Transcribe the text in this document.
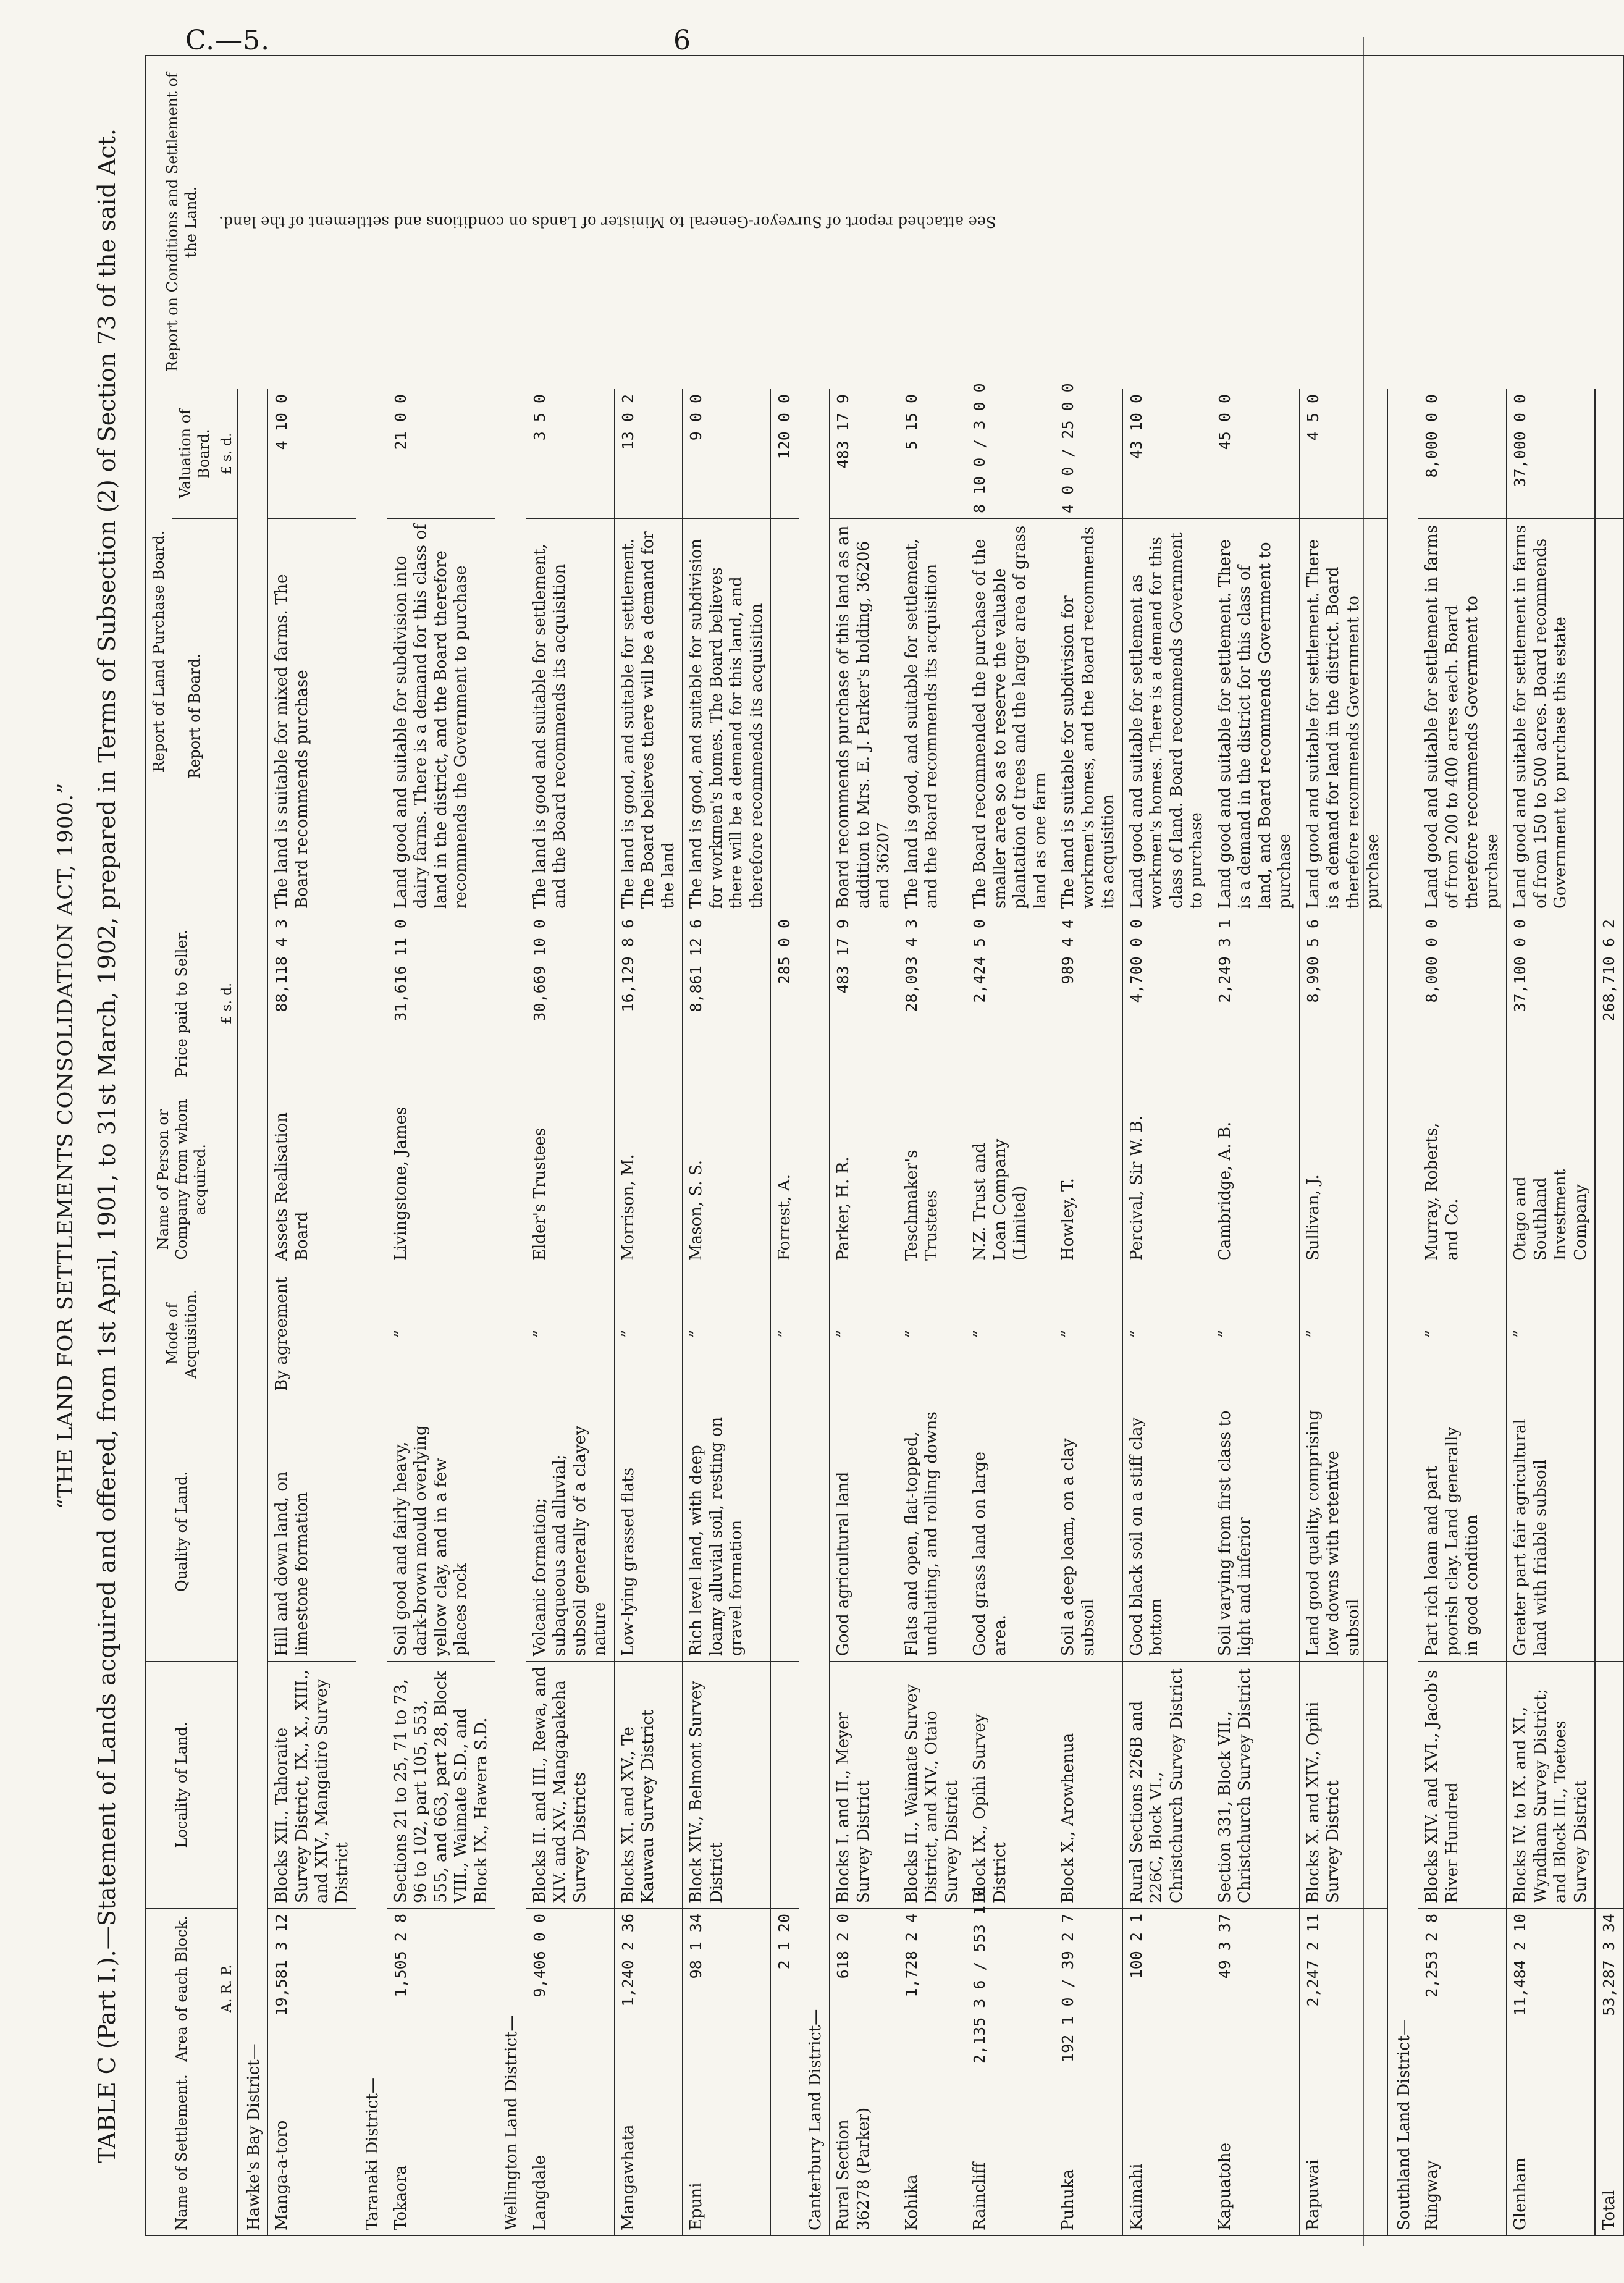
C.—5.	6
“THE LAND FOR SETTLEMENTS CONSOLIDATION ACT, 1900.” TABLE C (Part I.).—Statement of Lands acquired and offered, from 1st April, 1901, to 31st March, 1902, prepared in Terms of Subsection (2) of Section 73 of the said Act.	Name of Settlement.	Area of each Block.	Locality of Land.	Quality of Land.	Mode of Acquisition.	Name of Person or Company from whom acquired.	Price paid to Seller.	Report of Land Purchase Board.		Report on Conditions and Settlement of the Land.
							Report of Board.	Valuation of Board.	
	A. R. P.					£ s. d.		£ s. d.	See attached report of Surveyor-General to Minister of Lands on conditions and settlement of the land.

Hawke's Bay District—									
Manga-a-toro	19,581 3 12	Blocks XII., Tahoraite Survey District, IX., X., XIII., and XIV., Mangatiro Survey District	Hill and down land, on limestone formation	By agreement	Assets Realisation Board	88,118 4 3	The land is suitable for mixed farms. The Board recommends purchase	4 10 0	
Taranaki District—									
Tokaora	1,505 2 8	Sections 21 to 25, 71 to 73, 96 to 102, part 105, 553, 555, and 663, part 28, Block VIII., Waimate S.D., and Block IX., Hawera S.D.	Soil good and fairly heavy, dark-brown mould overlying yellow clay, and in a few places rock	”	Livingstone, James	31,616 11 0	Land good and suitable for subdivision into dairy farms. There is a demand for this class of land in the district, and the Board therefore recommends the Government to purchase	21 0 0	
Wellington Land District—									
Langdale	9,406 0 0	Blocks II. and III., Rewa, and XIV. and XV., Mangapakeha Survey Districts	Volcanic formation; subaqueous and alluvial; subsoil generally of a clayey nature	”	Elder's Trustees	30,669 10 0	The land is good and suitable for settlement, and the Board recommends its acquisition	3 5 0	
Mangawhata	1,240 2 36	Blocks XI. and XV., Te Kauwau Survey District	Low-lying grassed flats	”	Morrison, M.	16,129 8 6	The land is good, and suitable for settlement. The Board believes there will be a demand for the land	13 0 2	
Epuni	98 1 34	Block XIV., Belmont Survey District	Rich level land, with deep loamy alluvial soil, resting on gravel formation	”	Mason, S. S.	8,861 12 6	The land is good, and suitable for subdivision for workmen's homes. The Board believes there will be a demand for this land, and therefore recommends its acquisition	9 0 0	
	2 1 20			”	Forrest, A.	285 0 0		120 0 0	
Canterbury Land District—									
Rural Section 36278 (Parker)	618 2 0	Blocks I. and II., Meyer Survey District	Good agricultural land	”	Parker, H. R.	483 17 9	Board recommends purchase of this land as an addition to Mrs. E. J. Parker's holding, 36206 and 36207	483 17 9	
Kohika	1,728 2 4	Blocks II., Waimate Survey District, and XIV., Otaio Survey District	Flats and open, flat-topped, undulating, and rolling downs	”	Teschmaker's Trustees	28,093 4 3	The land is good, and suitable for settlement, and the Board recommends its acquisition	5 15 0	
Raincliff	2,135 3 6 / 553 1 0	Block IX., Opihi Survey District	Good grass land on large area.	”	N.Z. Trust and Loan Company (Limited)	2,424 5 0	The Board recommended the purchase of the smaller area so as to reserve the valuable plantation of trees and the larger area of grass land as one farm	8 10 0 / 3 0 0	
Puhuka	192 1 0 / 39 2 7	Block X., Arowhenua	Soil a deep loam, on a clay subsoil	”	Howley, T.	989 4 4	The land is suitable for subdivision for workmen's homes, and the Board recommends its acquisition	4 0 0 / 25 0 0	
Kaimahi	100 2 1	Rural Sections 226B and 226C, Block VI., Christchurch Survey District	Good black soil on a stiff clay bottom	”	Percival, Sir W. B.	4,700 0 0	Land good and suitable for settlement as workmen's homes. There is a demand for this class of land. Board recommends Government to purchase	43 10 0	
Kapuatohe	49 3 37	Section 331, Block VII., Christchurch Survey District	Soil varying from first class to light and inferior	”	Cambridge, A. B.	2,249 3 1	Land good and suitable for settlement. There is a demand in the district for this class of land, and Board recommends Government to purchase	45 0 0	
Rapuwai	2,247 2 11	Blocks X. and XIV., Opihi Survey District	Land good quality, comprising low downs with retentive subsoil	”	Sullivan, J.	8,990 5 6	Land good and suitable for settlement. There is a demand for land in the district. Board therefore recommends Government to purchase	4 5 0	
Southland Land District—									
Ringway	2,253 2 8	Blocks XIV. and XVI., Jacob's River Hundred	Part rich loam and part poorish clay. Land generally in good condition	”	Murray, Roberts, and Co.	8,000 0 0	Land good and suitable for settlement in farms of from 200 to 400 acres each. Board therefore recommends Government to purchase	8,000 0 0	
Glenham	11,484 2 10	Blocks IV. to IX. and XI., Wyndham Survey District; and Block III., Toetoes Survey District	Greater part fair agricultural land with friable subsoil	”	Otago and Southland Investment Company	37,100 0 0	Land good and suitable for settlement in farms of from 150 to 500 acres. Board recommends Government to purchase this estate	37,000 0 0	
Total	53,287 3 34					268,710 6 2			
